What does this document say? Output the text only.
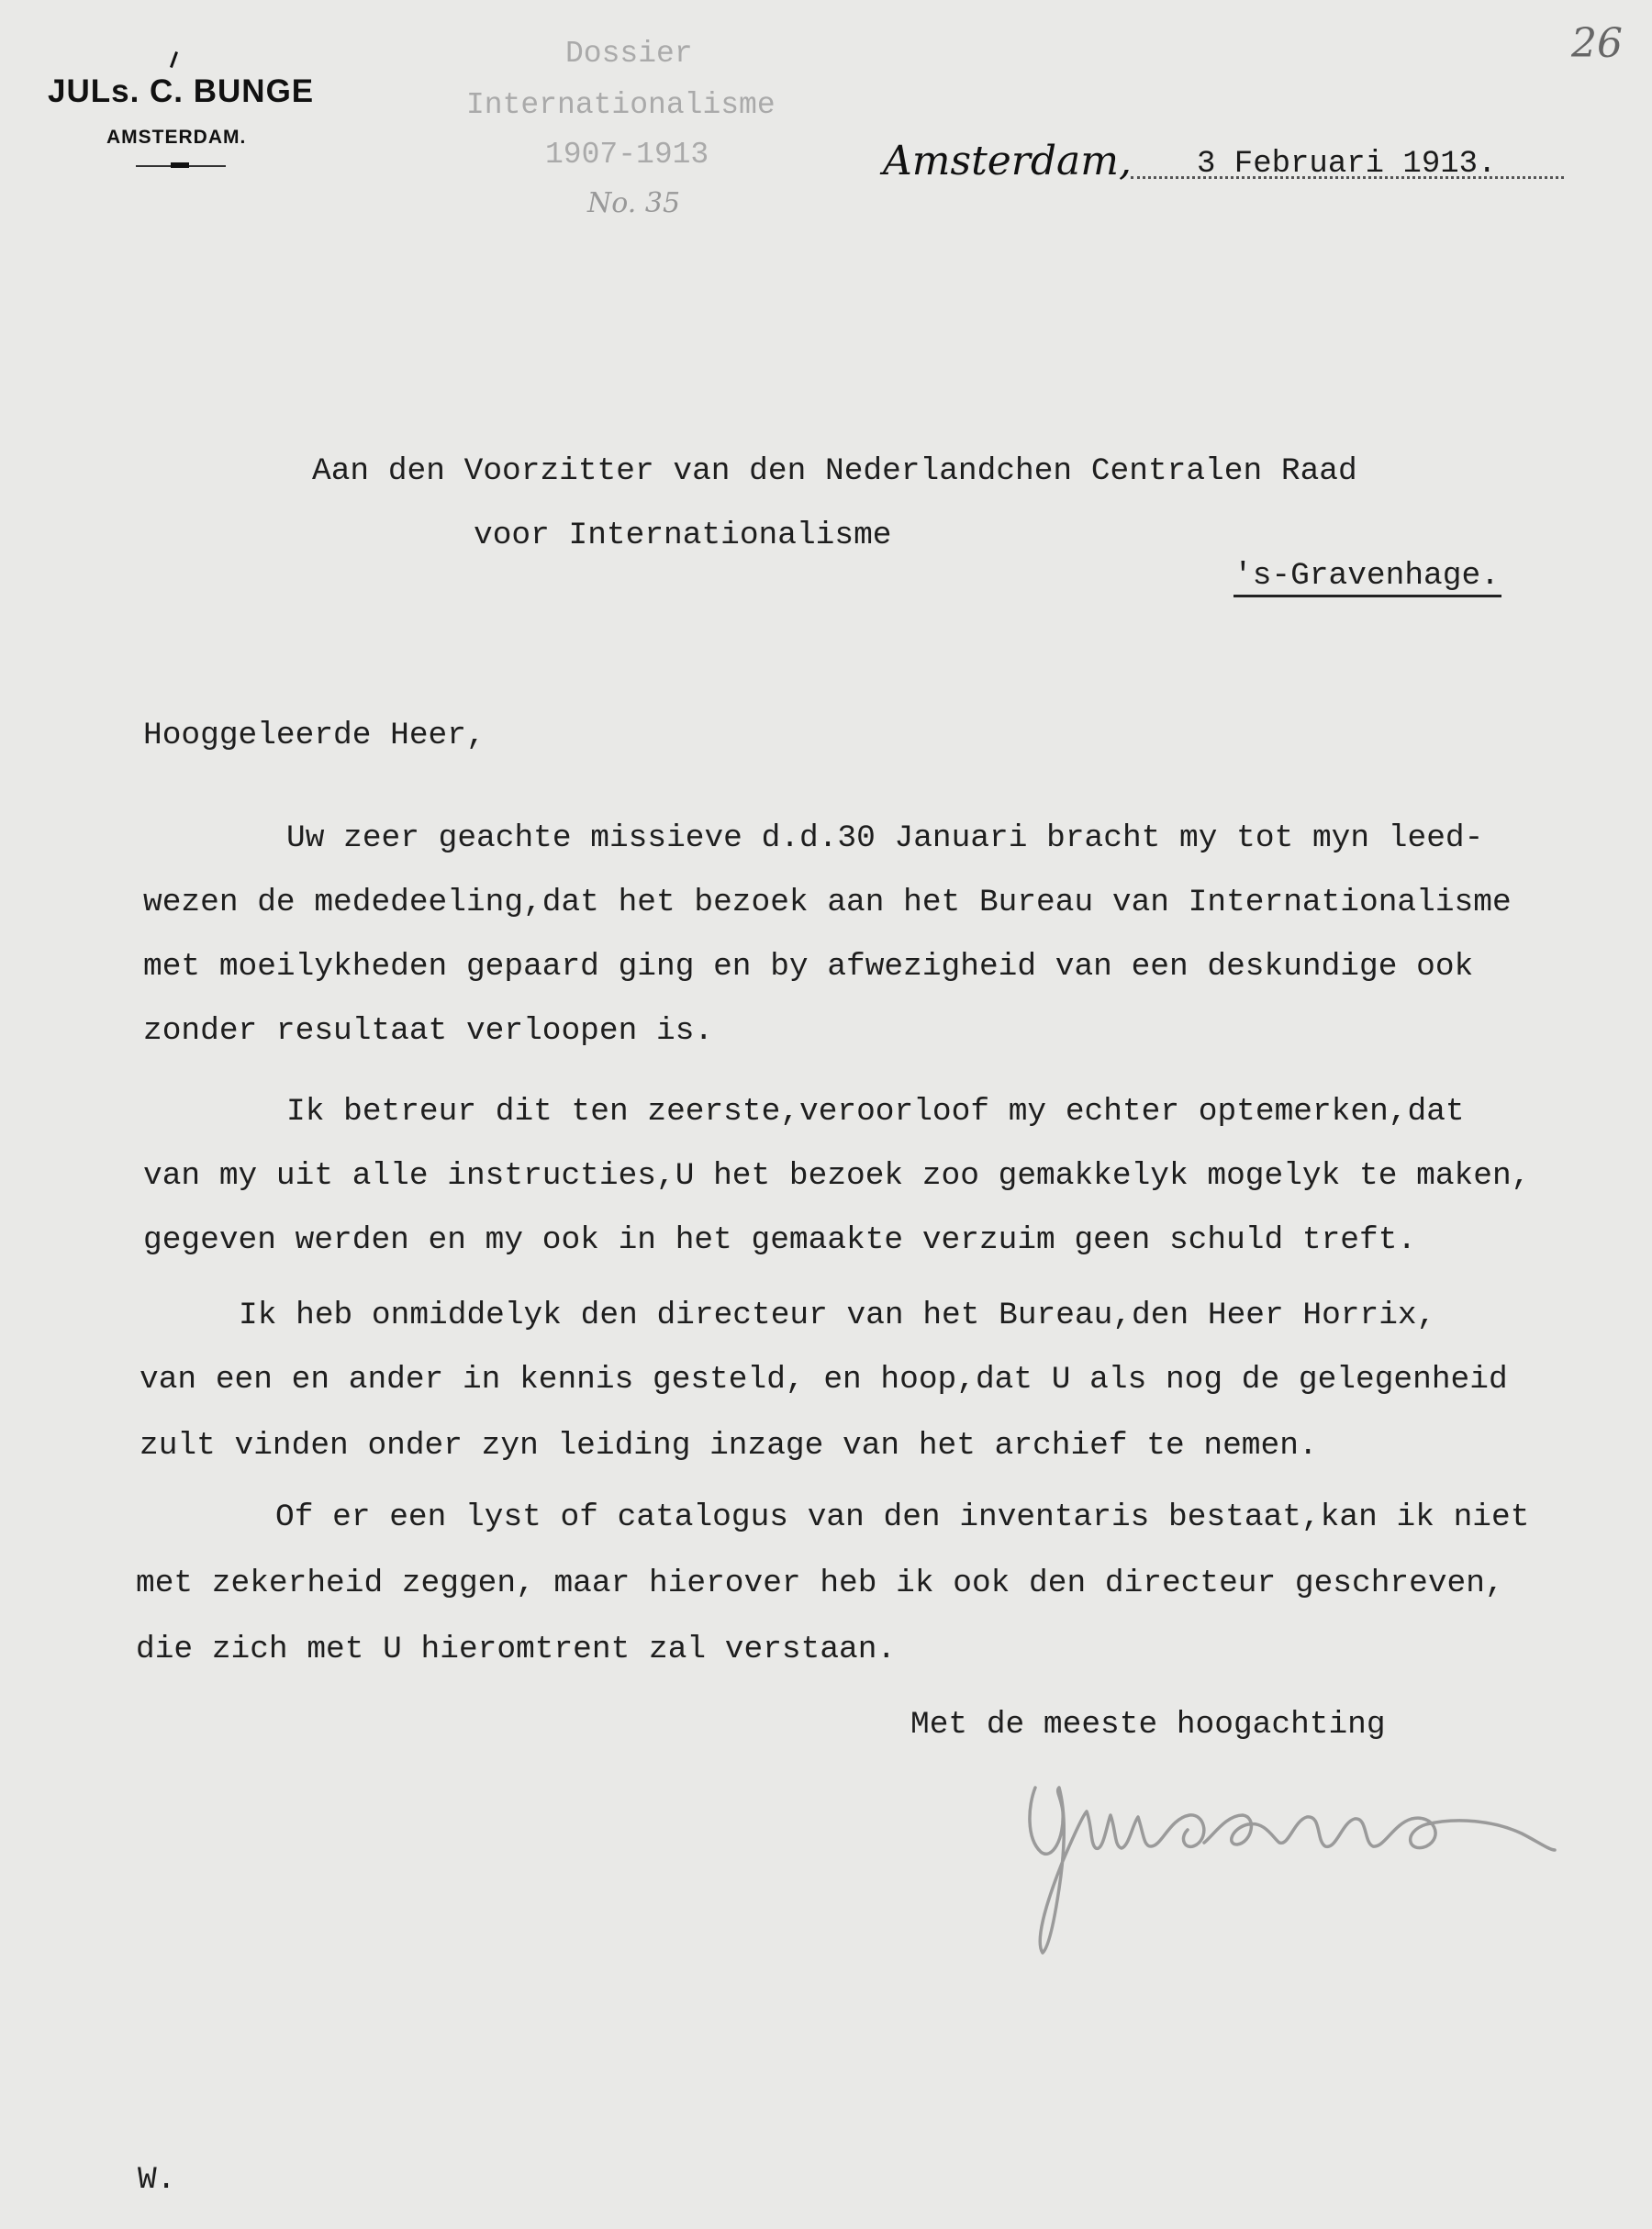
JULs. C. BUNGE
AMSTERDAM.
Dossier
Internationalisme
1907-1913
No. 35
26
Amsterdam, 3 Februari 1913.
Aan den Voorzitter van den Nederlandchen Centralen Raad
voor Internationalisme
's-Gravenhage.
Hooggeleerde Heer,
Uw zeer geachte missieve d.d.30 Januari bracht my tot myn leed-
wezen de mededeeling,dat het bezoek aan het Bureau van Internationalisme
met moeilykheden gepaard ging en by afwezigheid van een deskundige ook
zonder resultaat verloopen is.
Ik betreur dit ten zeerste,veroorloof my echter optemerken,dat
van my uit alle instructies,U het bezoek zoo gemakkelyk mogelyk te maken,
gegeven werden en my ook in het gemaakte verzuim geen schuld treft.
Ik heb onmiddelyk den directeur van het Bureau,den Heer Horrix,
van een en ander in kennis gesteld, en hoop,dat U als nog de gelegenheid
zult vinden onder zyn leiding inzage van het archief te nemen.
Of er een lyst of catalogus van den inventaris bestaat,kan ik niet
met zekerheid zeggen, maar hierover heb ik ook den directeur geschreven,
die zich met U hieromtrent zal verstaan.
Met de meeste hoogachting

W.
